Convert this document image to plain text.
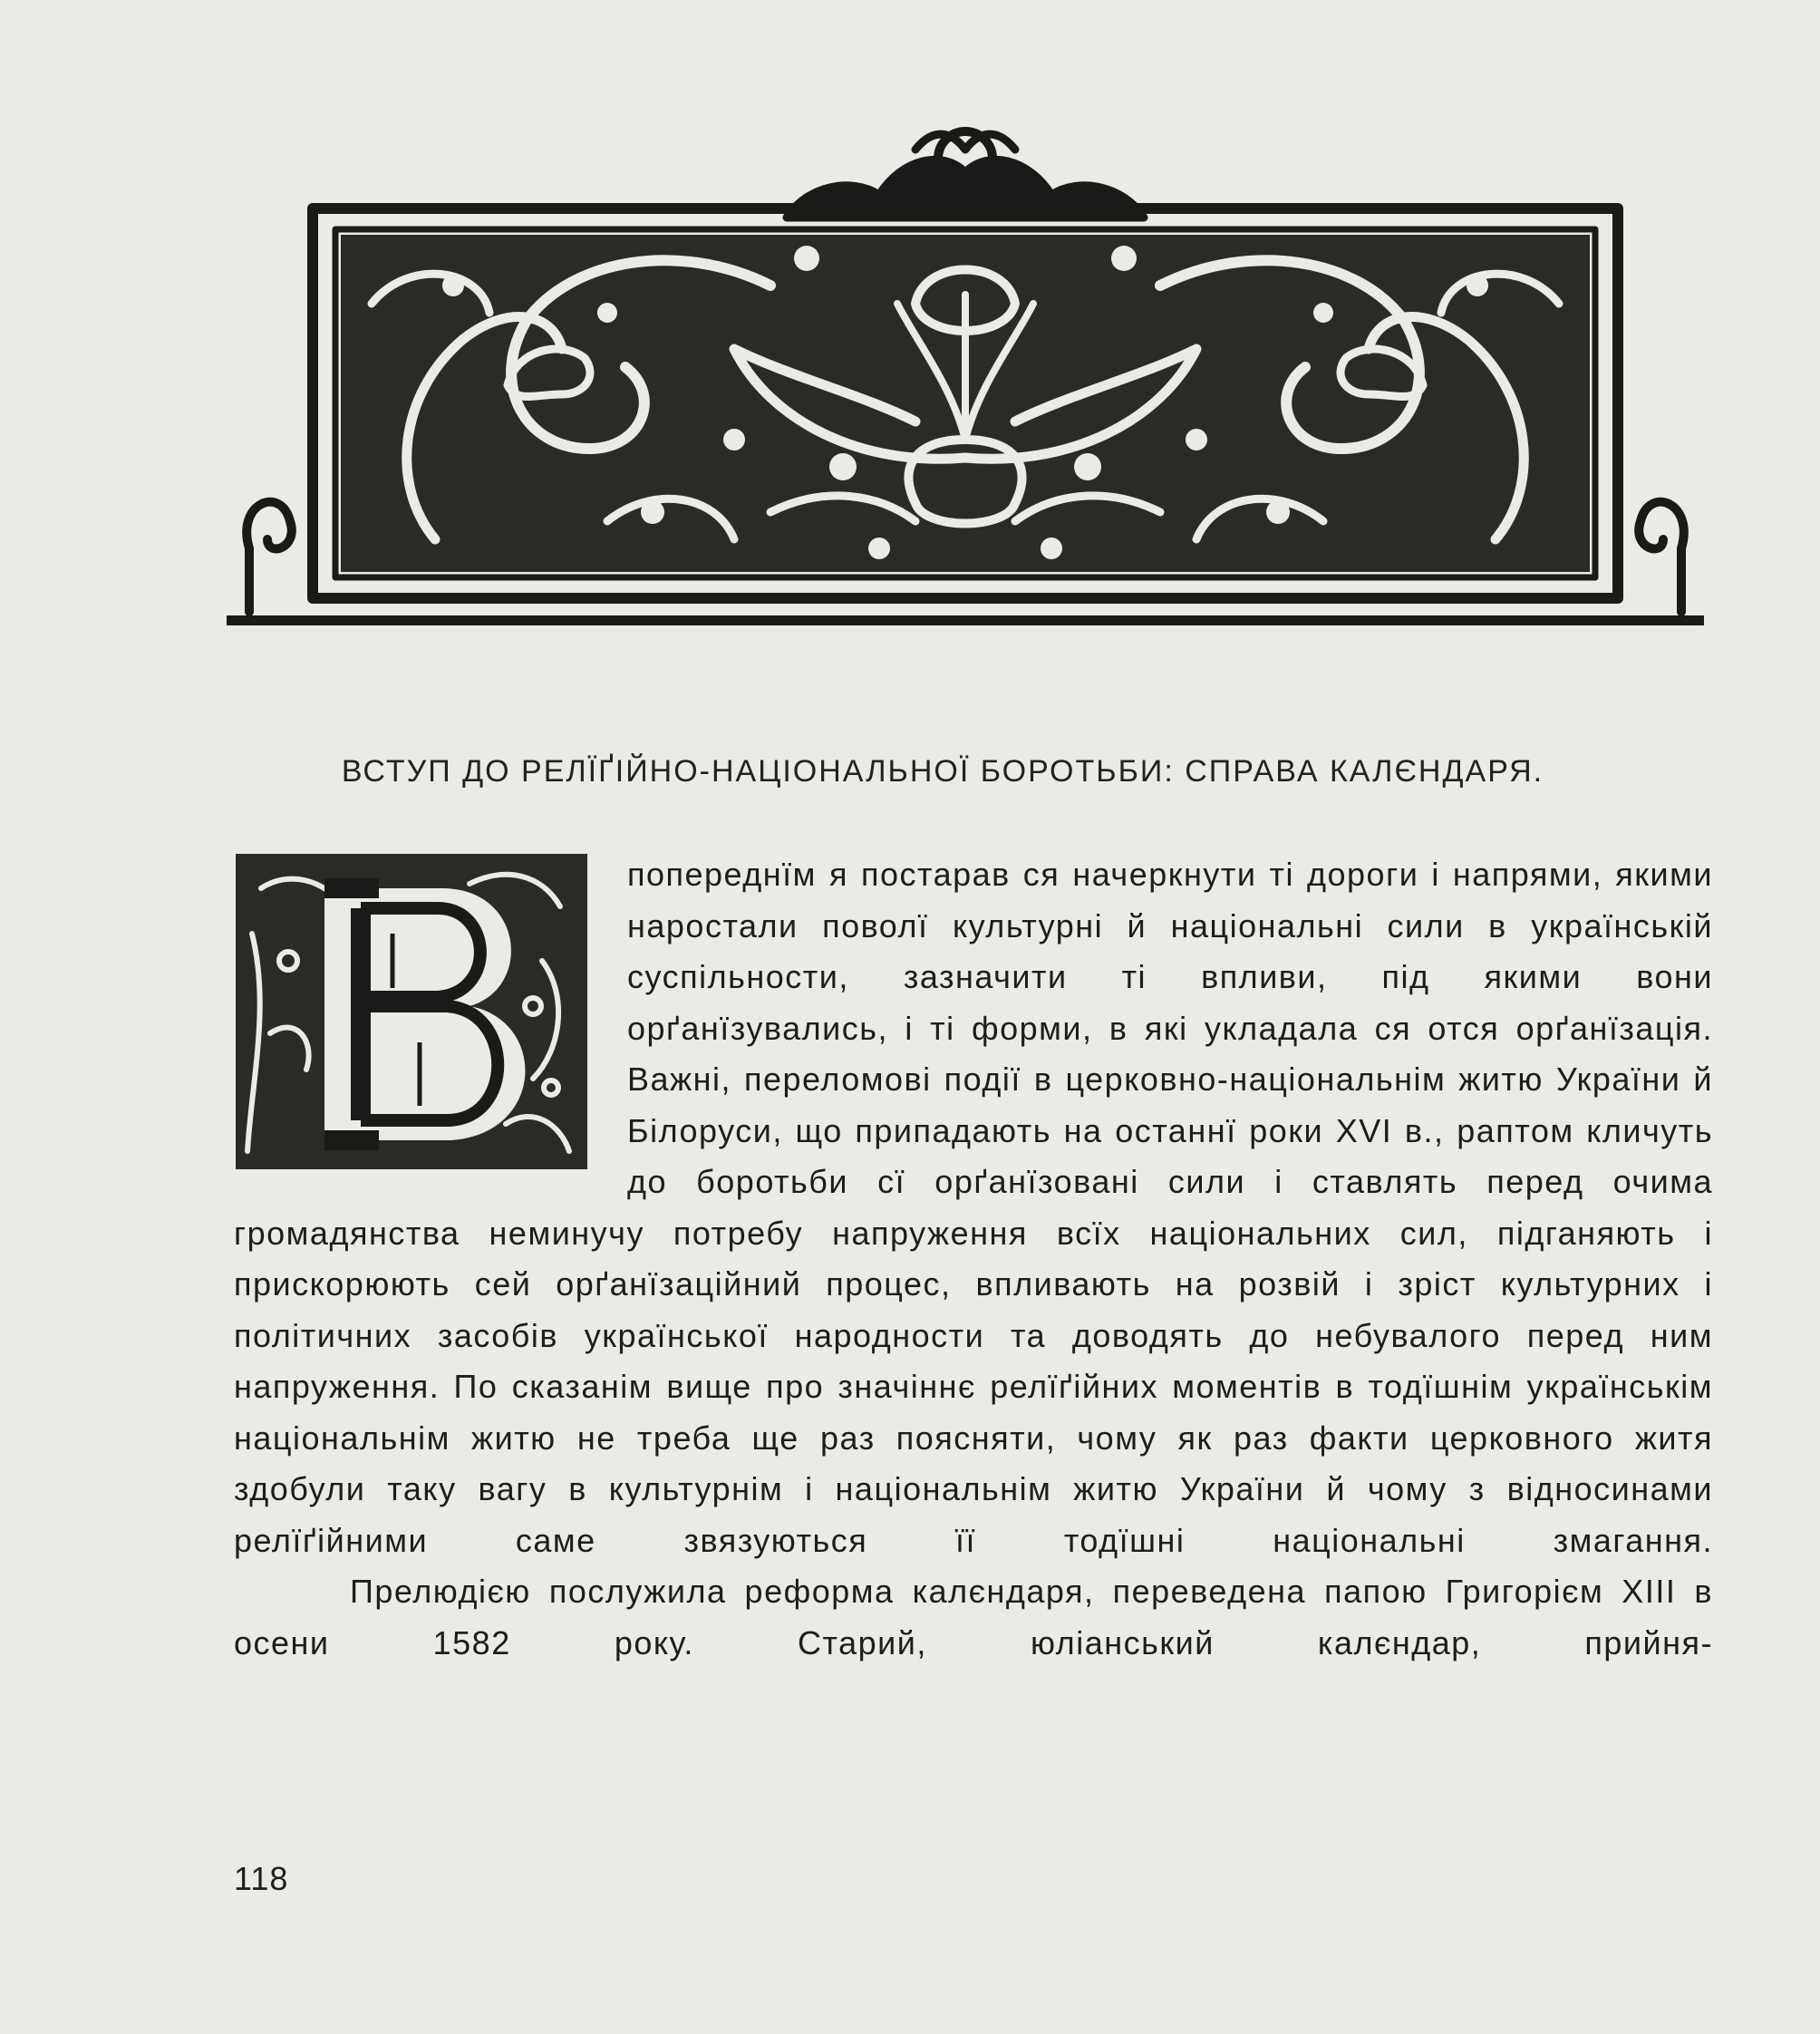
ВСТУП ДО РЕЛЇҐІЙНО-НАЦІОНАЛЬНОЇ БОРОТЬБИ: СПРАВА КАЛЄНДАРЯ.

попереднїм я постарав ся начеркнути ті дороги і напрями, якими наростали поволї культурні й національні сили в українській суспільности, зазначити ті впливи, під якими вони орґанїзувались, і ті форми, в які укладала ся отся орґанїзація. Важні, переломові події в церковно-національнім житю України й Білоруси, що припадають на останнї роки XVI в., раптом кличуть до боротьби сї орґанїзовані сили і ставлять перед очима громадянства неминучу потребу напруження всїх національних сил, підганяють і прискорюють сей орґанїзаційний процес, впливають на розвій і зріст культурних і політичних засобів української народности та доводять до небувалого перед ним напруження. По сказанім вище про значіннє релїґійних моментів в тодїшнім українськім національнім житю не треба ще раз поясняти, чому як раз факти церковного житя здобули таку вагу в культурнім і національнім житю України й чому з відносинами релїґійними саме звязуються її тодїшні національні змагання.

Прелюдією послужила реформа калєндаря, переведена папою Григорієм XIII в осени 1582 року. Старий, юліанський калєндар, прийня-

118
